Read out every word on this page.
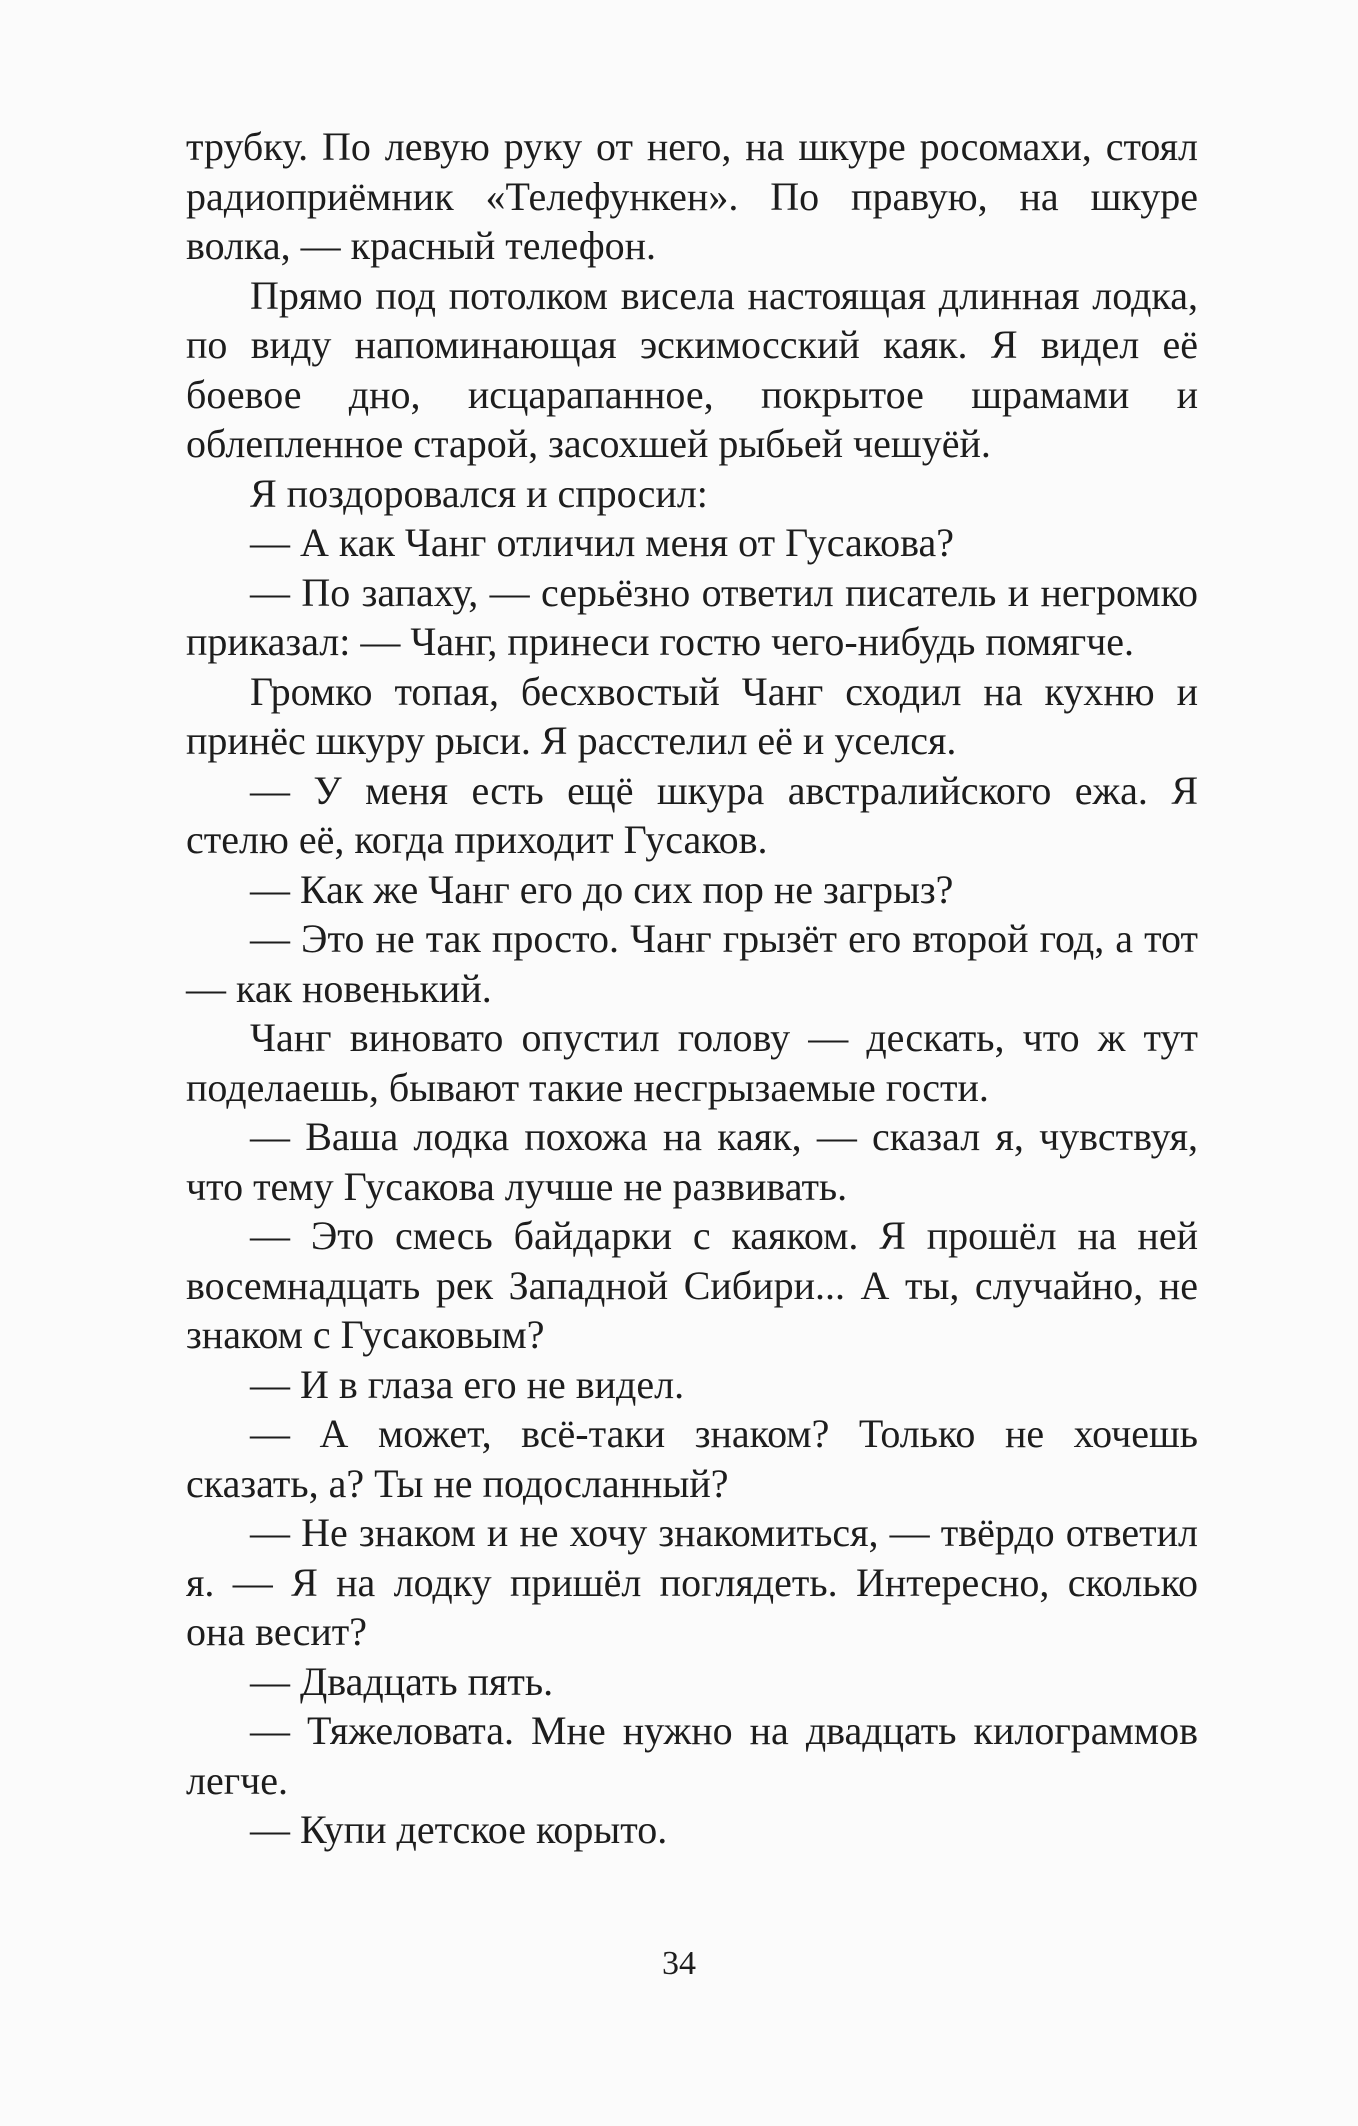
трубку. По левую руку от него, на шкуре росомахи, стоял радиоприёмник «Телефункен». По правую, на шкуре волка, — красный телефон.

Прямо под потолком висела настоящая длинная лодка, по виду напоминающая эскимосский каяк. Я видел её боевое дно, исцарапанное, покрытое шрамами и облепленное старой, засохшей рыбьей чешуёй.

Я поздоровался и спросил:

— А как Чанг отличил меня от Гусакова?

— По запаху, — серьёзно ответил писатель и негромко приказал: — Чанг, принеси гостю чего-нибудь помягче.

Громко топая, бесхвостый Чанг сходил на кухню и принёс шкуру рыси. Я расстелил её и уселся.

— У меня есть ещё шкура австралийского ежа. Я стелю её, когда приходит Гусаков.

— Как же Чанг его до сих пор не загрыз?

— Это не так просто. Чанг грызёт его второй год, а тот — как новенький.

Чанг виновато опустил голову — дескать, что ж тут поделаешь, бывают такие несгрызаемые гости.

— Ваша лодка похожа на каяк, — сказал я, чувствуя, что тему Гусакова лучше не развивать.

— Это смесь байдарки с каяком. Я прошёл на ней восемнадцать рек Западной Сибири... А ты, случайно, не знаком с Гусаковым?

— И в глаза его не видел.

— А может, всё-таки знаком? Только не хочешь сказать, а? Ты не подосланный?

— Не знаком и не хочу знакомиться, — твёрдо ответил я. — Я на лодку пришёл поглядеть. Интересно, сколько она весит?

— Двадцать пять.

— Тяжеловата. Мне нужно на двадцать килограммов легче.

— Купи детское корыто.

34
